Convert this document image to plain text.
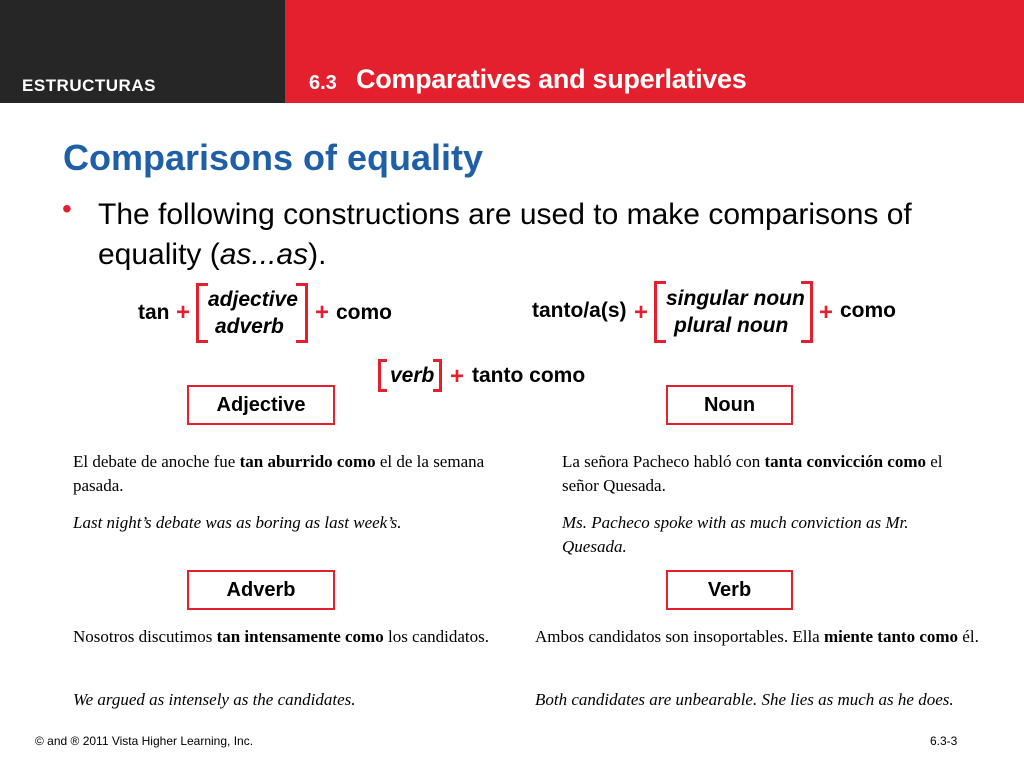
ESTRUCTURAS	6.3 Comparatives and superlatives
Comparisons of equality
• The following constructions are used to make comparisons of equality (as...as).
tan + adjective
adverb
+ como	tanto/a(s) +
singular noun
plural noun + como
verb + tanto como
Adjective	Noun
Adverb	Verb
El debate de anoche fue tan aburrido como el de la semana pasada.
Last night’s debate was as boring as last week’s.
La señora Pacheco habló con tanta convicción como el señor Quesada.
Ms. Pacheco spoke with as much conviction as Mr. Quesada.
Nosotros discutimos tan intensamente como los candidatos.
We argued as intensely as the candidates.
Ambos candidatos son insoportables. Ella miente tanto como él.
Both candidates are unbearable. She lies as much as he does.
© and ® 2011 Vista Higher Learning, Inc.	6.3-3
